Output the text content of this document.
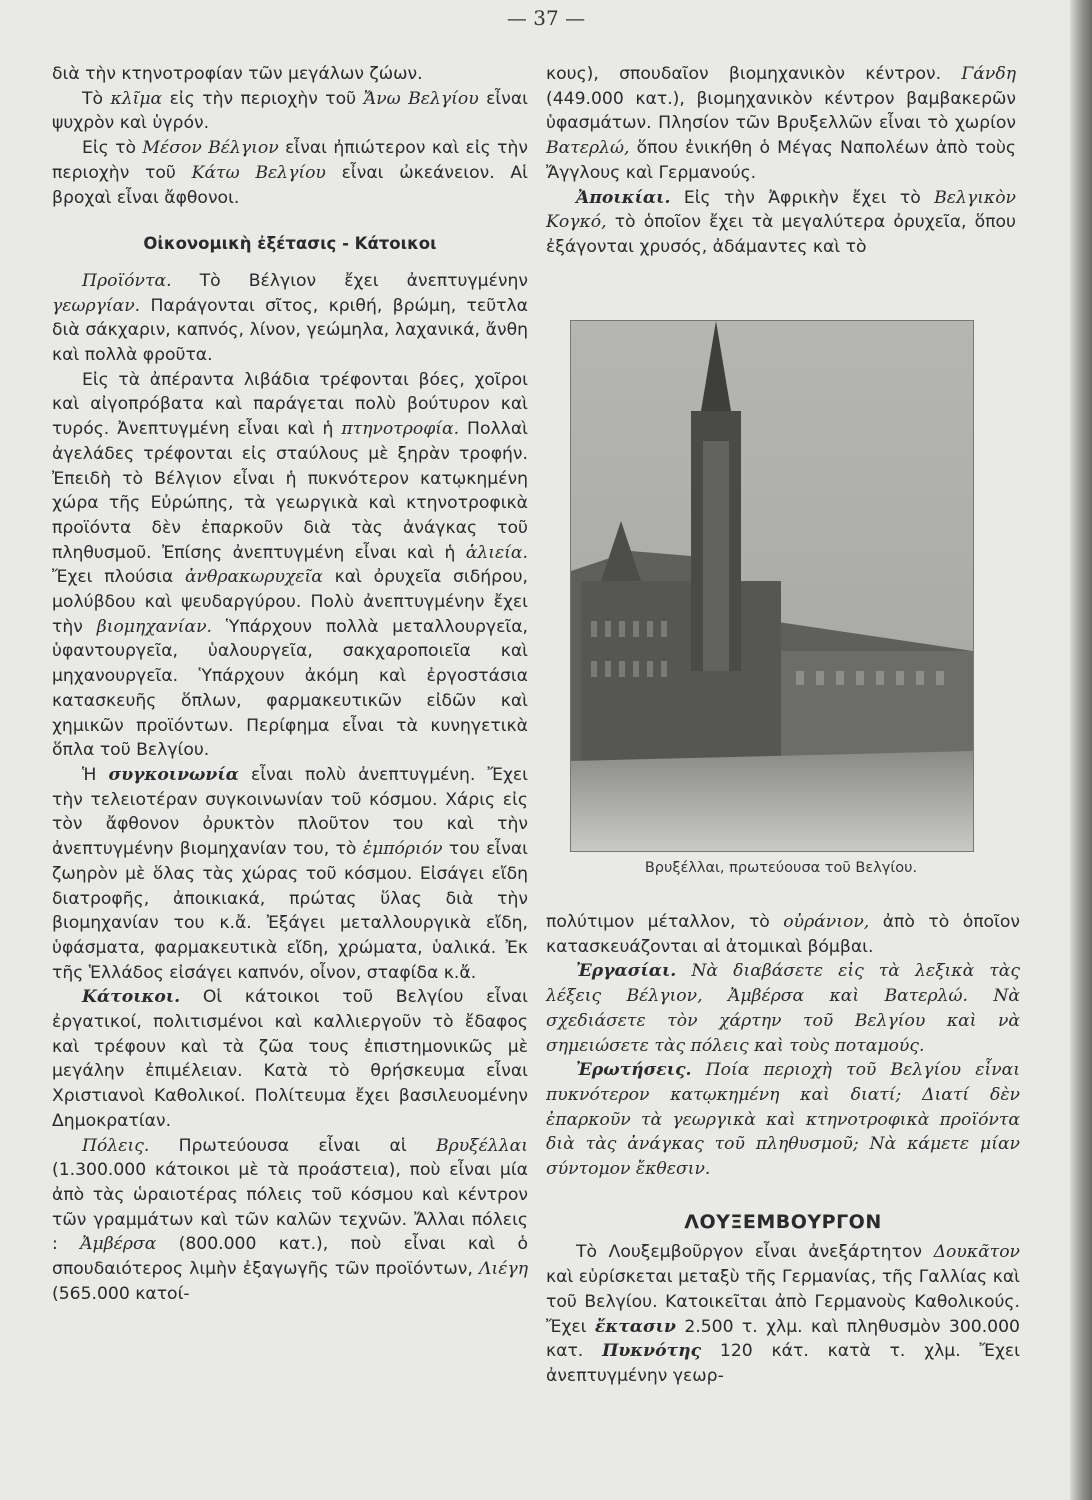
— 37 —

διὰ τὴν κτηνοτροφίαν τῶν μεγάλων ζώων.

Τὸ κλῖμα εἰς τὴν περιοχὴν τοῦ Ἄνω Βελγίου εἶναι ψυχρὸν καὶ ὑγρόν.

Εἰς τὸ Μέσον Βέλγιον εἶναι ἠπιώτερον καὶ εἰς τὴν περιοχὴν τοῦ Κάτω Βελγίου εἶναι ὠκεάνειον. Αἱ βροχαὶ εἶναι ἄφθονοι.

Οἰκονομικὴ ἐξέτασις - Κάτοικοι

Προϊόντα. Τὸ Βέλγιον ἔχει ἀνεπτυγμένην γεωργίαν. Παράγονται σῖτος, κριθή, βρώμη, τεῦτλα διὰ σάκχαριν, καπνός, λίνον, γεώμηλα, λαχανικά, ἄνθη καὶ πολλὰ φροῦτα.

Εἰς τὰ ἀπέραντα λιβάδια τρέφονται βόες, χοῖροι καὶ αἰγοπρόβατα καὶ παράγεται πολὺ βούτυρον καὶ τυρός. Ἀνεπτυγμένη εἶναι καὶ ἡ πτηνοτροφία. Πολλαὶ ἀγελάδες τρέφονται εἰς σταύλους μὲ ξηρὰν τροφήν. Ἐπειδὴ τὸ Βέλγιον εἶναι ἡ πυκνότερον κατῳκημένη χώρα τῆς Εὐρώπης, τὰ γεωργικὰ καὶ κτηνοτροφικὰ προϊόντα δὲν ἐπαρκοῦν διὰ τὰς ἀνάγκας τοῦ πληθυσμοῦ. Ἐπίσης ἀνεπτυγμένη εἶναι καὶ ἡ ἁλιεία. Ἔχει πλούσια ἀνθρακωρυχεῖα καὶ ὀρυχεῖα σιδήρου, μολύβδου καὶ ψευδαργύρου. Πολὺ ἀνεπτυγμένην ἔχει τὴν βιομηχανίαν. Ὑπάρχουν πολλὰ μεταλλουργεῖα, ὑφαντουργεῖα, ὑαλουργεῖα, σακχαροποιεῖα καὶ μηχανουργεῖα. Ὑπάρχουν ἀκόμη καὶ ἐργοστάσια κατασκευῆς ὅπλων, φαρμακευτικῶν εἰδῶν καὶ χημικῶν προϊόντων. Περίφημα εἶναι τὰ κυνηγετικὰ ὅπλα τοῦ Βελγίου.

Ἡ συγκοινωνία εἶναι πολὺ ἀνεπτυγμένη. Ἔχει τὴν τελειοτέραν συγκοινωνίαν τοῦ κόσμου. Χάρις εἰς τὸν ἄφθονον ὀρυκτὸν πλοῦτον του καὶ τὴν ἀνεπτυγμένην βιομηχανίαν του, τὸ ἐμπόριόν του εἶναι ζωηρὸν μὲ ὅλας τὰς χώρας τοῦ κόσμου. Εἰσάγει εἴδη διατροφῆς, ἀποικιακά, πρώτας ὕλας διὰ τὴν βιομηχανίαν του κ.ἄ. Ἐξάγει μεταλλουργικὰ εἴδη, ὑφάσματα, φαρμακευτικὰ εἴδη, χρώματα, ὑαλικά. Ἐκ τῆς Ἑλλάδος εἰσάγει καπνόν, οἶνον, σταφίδα κ.ἄ.

Κάτοικοι. Οἱ κάτοικοι τοῦ Βελγίου εἶναι ἐργατικοί, πολιτισμένοι καὶ καλλιεργοῦν τὸ ἔδαφος καὶ τρέφουν καὶ τὰ ζῶα τους ἐπιστημονικῶς μὲ μεγάλην ἐπιμέλειαν. Κατὰ τὸ θρήσκευμα εἶναι Χριστιανοὶ Καθολικοί. Πολίτευμα ἔχει βασιλευομένην Δημοκρατίαν.

Πόλεις. Πρωτεύουσα εἶναι αἱ Βρυξέλλαι (1.300.000 κάτοικοι μὲ τὰ προάστεια), ποὺ εἶναι μία ἀπὸ τὰς ὡραιοτέρας πόλεις τοῦ κόσμου καὶ κέντρον τῶν γραμμάτων καὶ τῶν καλῶν τεχνῶν. Ἄλλαι πόλεις : Ἀμβέρσα (800.000 κατ.), ποὺ εἶναι καὶ ὁ σπουδαιότερος λιμὴν ἐξαγωγῆς τῶν προϊόντων, Λιέγη (565.000 κατοί-

κους), σπουδαῖον βιομηχανικὸν κέντρον. Γάνδη (449.000 κατ.), βιομηχανικὸν κέντρον βαμβακερῶν ὑφασμάτων. Πλησίον τῶν Βρυξελλῶν εἶναι τὸ χωρίον Βατερλώ, ὅπου ἐνικήθη ὁ Μέγας Ναπολέων ἀπὸ τοὺς Ἄγγλους καὶ Γερμανούς.

Ἀποικίαι. Εἰς τὴν Ἀφρικὴν ἔχει τὸ Βελγικὸν Κογκό, τὸ ὁποῖον ἔχει τὰ μεγαλύτερα ὀρυχεῖα, ὅπου ἐξάγονται χρυσός, ἀδάμαντες καὶ τὸ

Βρυξέλλαι, πρωτεύουσα τοῦ Βελγίου.

πολύτιμον μέταλλον, τὸ οὐράνιον, ἀπὸ τὸ ὁποῖον κατασκευάζονται αἱ ἀτομικαὶ βόμβαι.

Ἐργασίαι. Νὰ διαβάσετε εἰς τὰ λεξικὰ τὰς λέξεις Βέλγιον, Ἀμβέρσα καὶ Βατερλώ. Νὰ σχεδιάσετε τὸν χάρτην τοῦ Βελγίου καὶ νὰ σημειώσετε τὰς πόλεις καὶ τοὺς ποταμούς.

Ἐρωτήσεις. Ποία περιοχὴ τοῦ Βελγίου εἶναι πυκνότερον κατῳκημένη καὶ διατί; Διατί δὲν ἐπαρκοῦν τὰ γεωργικὰ καὶ κτηνοτροφικὰ προϊόντα διὰ τὰς ἀνάγκας τοῦ πληθυσμοῦ; Νὰ κάμετε μίαν σύντομον ἔκθεσιν.

ΛΟΥΞΕΜΒΟΥΡΓΟΝ

Τὸ Λουξεμβοῦργον εἶναι ἀνεξάρτητον Δουκᾶτον καὶ εὑρίσκεται μεταξὺ τῆς Γερμανίας, τῆς Γαλλίας καὶ τοῦ Βελγίου. Κατοικεῖται ἀπὸ Γερμανοὺς Καθολικούς. Ἔχει ἔκτασιν 2.500 τ. χλμ. καὶ πληθυσμὸν 300.000 κατ. Πυκνότης 120 κάτ. κατὰ τ. χλμ. Ἔχει ἀνεπτυγμένην γεωρ-
